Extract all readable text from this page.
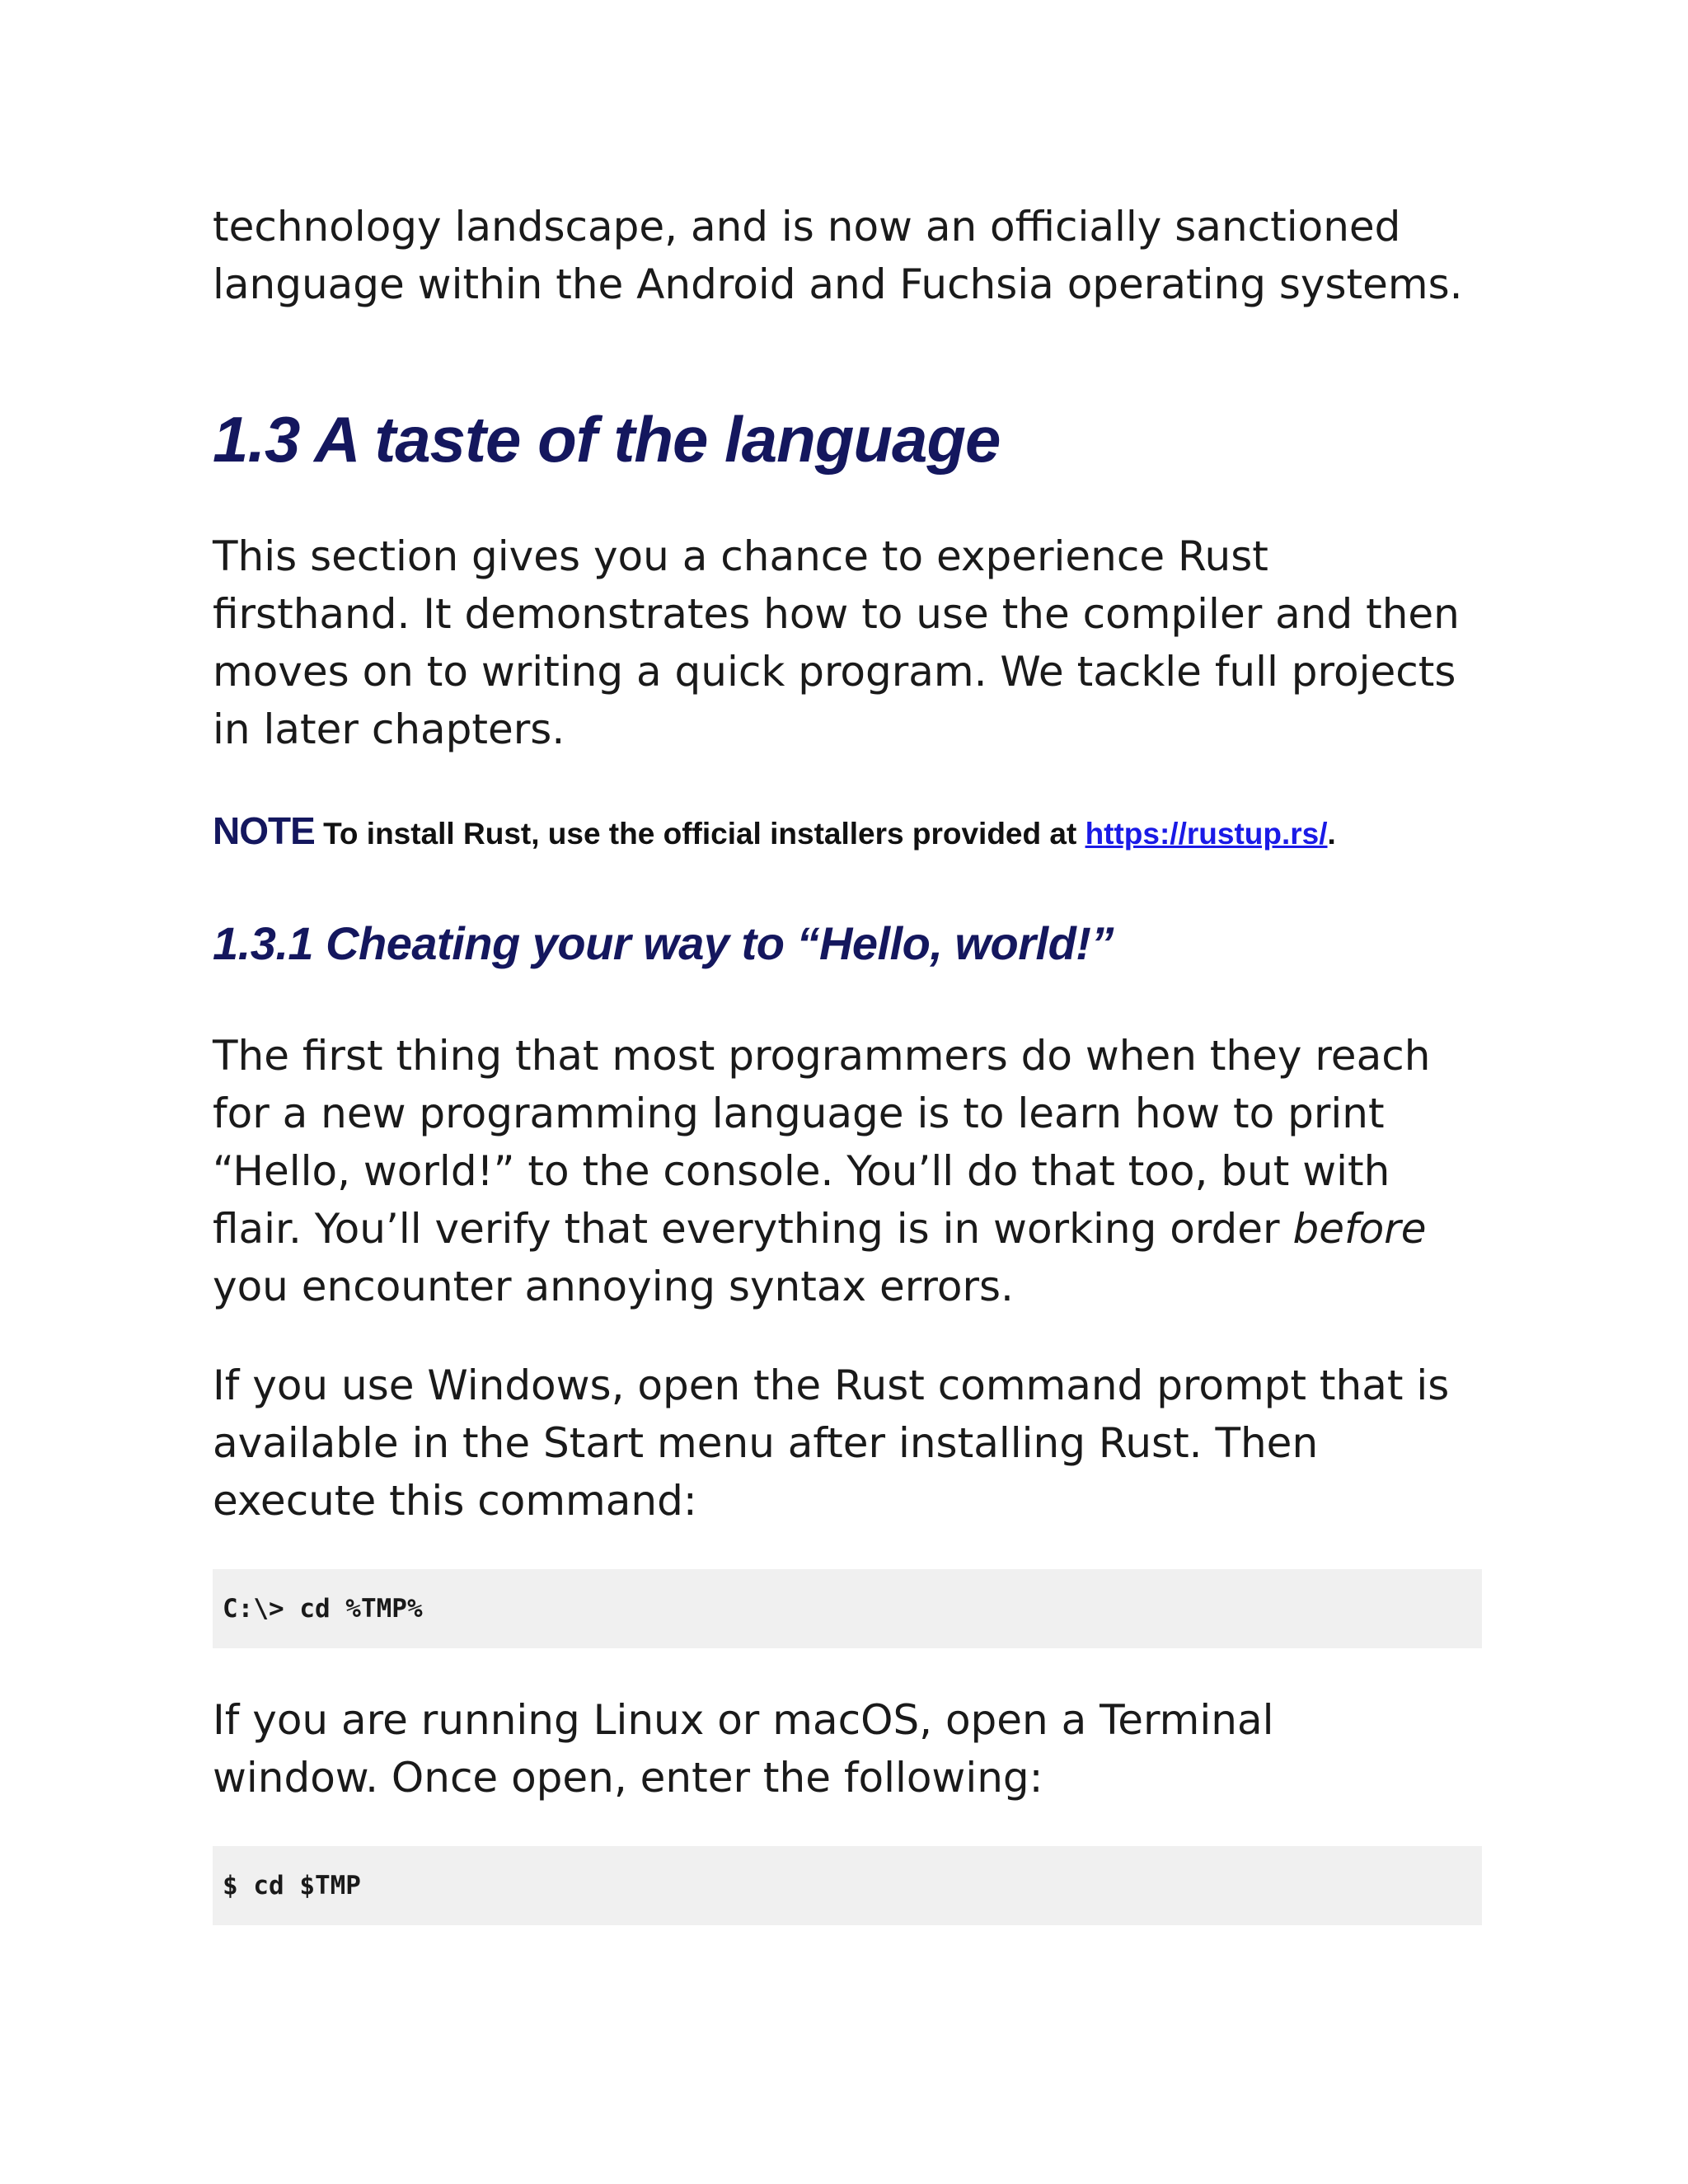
technology landscape, and is now an officially sanctioned

language within the Android and Fuchsia operating systems.

1.3 A taste of the language

This section gives you a chance to experience Rust

firsthand. It demonstrates how to use the compiler and then

moves on to writing a quick program. We tackle full projects

in later chapters.

NOTE To install Rust, use the official installers provided at https://rustup.rs/.

1.3.1 Cheating your way to “Hello, world!”

The first thing that most programmers do when they reach

for a new programming language is to learn how to print

“Hello, world!” to the console. You’ll do that too, but with

flair. You’ll verify that everything is in working order before

you encounter annoying syntax errors.

If you use Windows, open the Rust command prompt that is

available in the Start menu after installing Rust. Then

execute this command:

C:\> cd %TMP%

If you are running Linux or macOS, open a Terminal

window. Once open, enter the following:

$ cd $TMP
